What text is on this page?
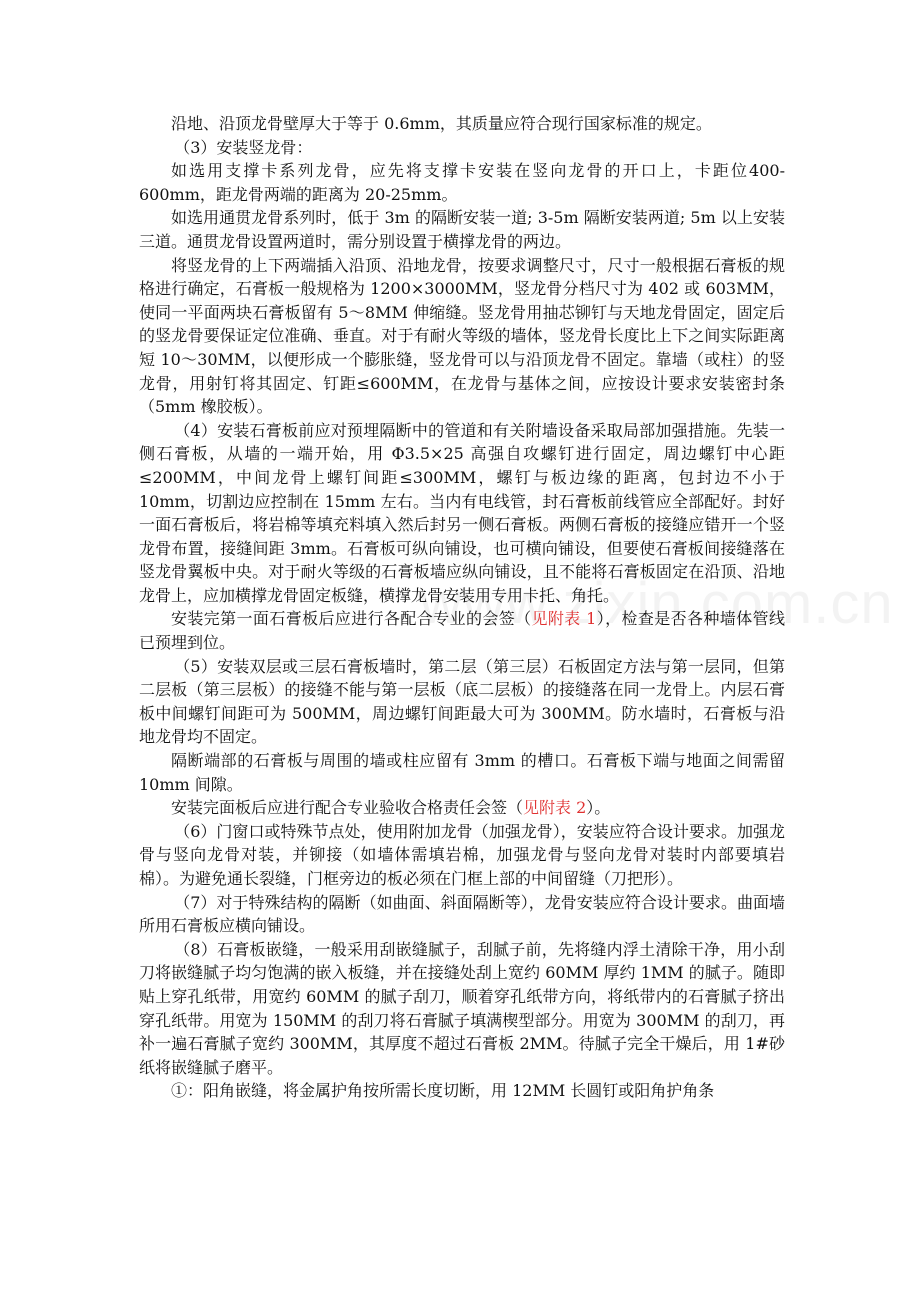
沿地、沿顶龙骨壁厚大于等于 0.6mm，其质量应符合现行国家标准的规定。

（3）安装竖龙骨：

如选用支撑卡系列龙骨，应先将支撑卡安装在竖向龙骨的开口上，卡距位400-600mm，距龙骨两端的距离为 20-25mm。

如选用通贯龙骨系列时，低于 3m 的隔断安装一道; 3-5m 隔断安装两道; 5m 以上安装三道。通贯龙骨设置两道时，需分别设置于横撑龙骨的两边。

将竖龙骨的上下两端插入沿顶、沿地龙骨，按要求调整尺寸，尺寸一般根据石膏板的规格进行确定，石膏板一般规格为 1200×3000MM，竖龙骨分档尺寸为 402 或 603MM，使同一平面两块石膏板留有 5～8MM 伸缩缝。竖龙骨用抽芯铆钉与天地龙骨固定，固定后的竖龙骨要保证定位准确、垂直。对于有耐火等级的墙体，竖龙骨长度比上下之间实际距离短 10～30MM，以便形成一个膨胀缝，竖龙骨可以与沿顶龙骨不固定。靠墙（或柱）的竖龙骨，用射钉将其固定、钉距≤600MM，在龙骨与基体之间，应按设计要求安装密封条（5mm 橡胶板）。

（4）安装石膏板前应对预埋隔断中的管道和有关附墙设备采取局部加强措施。先装一侧石膏板，从墙的一端开始，用 Φ3.5×25 高强自攻螺钉进行固定，周边螺钉中心距≤200MM，中间龙骨上螺钉间距≤300MM，螺钉与板边缘的距离，包封边不小于 10mm，切割边应控制在 15mm 左右。当内有电线管，封石膏板前线管应全部配好。封好一面石膏板后，将岩棉等填充料填入然后封另一侧石膏板。两侧石膏板的接缝应错开一个竖龙骨布置，接缝间距 3mm。石膏板可纵向铺设，也可横向铺设，但要使石膏板间接缝落在竖龙骨翼板中央。对于耐火等级的石膏板墙应纵向铺设，且不能将石膏板固定在沿顶、沿地龙骨上，应加横撑龙骨固定板缝，横撑龙骨安装用专用卡托、角托。

安装完第一面石膏板后应进行各配合专业的会签（见附表 1），检查是否各种墙体管线已预埋到位。

（5）安装双层或三层石膏板墙时，第二层（第三层）石板固定方法与第一层同，但第二层板（第三层板）的接缝不能与第一层板（底二层板）的接缝落在同一龙骨上。内层石膏板中间螺钉间距可为 500MM，周边螺钉间距最大可为 300MM。防水墙时，石膏板与沿地龙骨均不固定。

隔断端部的石膏板与周围的墙或柱应留有 3mm 的槽口。石膏板下端与地面之间需留 10mm 间隙。

安装完面板后应进行配合专业验收合格责任会签（见附表 2）。

（6）门窗口或特殊节点处，使用附加龙骨（加强龙骨），安装应符合设计要求。加强龙骨与竖向龙骨对装，并铆接（如墙体需填岩棉，加强龙骨与竖向龙骨对装时内部要填岩棉）。为避免通长裂缝，门框旁边的板必须在门框上部的中间留缝（刀把形）。

（7）对于特殊结构的隔断（如曲面、斜面隔断等），龙骨安装应符合设计要求。曲面墙所用石膏板应横向铺设。

（8）石膏板嵌缝，一般采用刮嵌缝腻子，刮腻子前，先将缝内浮土清除干净，用小刮刀将嵌缝腻子均匀饱满的嵌入板缝，并在接缝处刮上宽约 60MM 厚约 1MM 的腻子。随即贴上穿孔纸带，用宽约 60MM 的腻子刮刀，顺着穿孔纸带方向，将纸带内的石膏腻子挤出穿孔纸带。用宽为 150MM 的刮刀将石膏腻子填满楔型部分。用宽为 300MM 的刮刀，再补一遍石膏腻子宽约 300MM，其厚度不超过石膏板 2MM。待腻子完全干燥后，用 1#砂纸将嵌缝腻子磨平。

①：阳角嵌缝，将金属护角按所需长度切断，用 12MM 长圆钉或阳角护角条
